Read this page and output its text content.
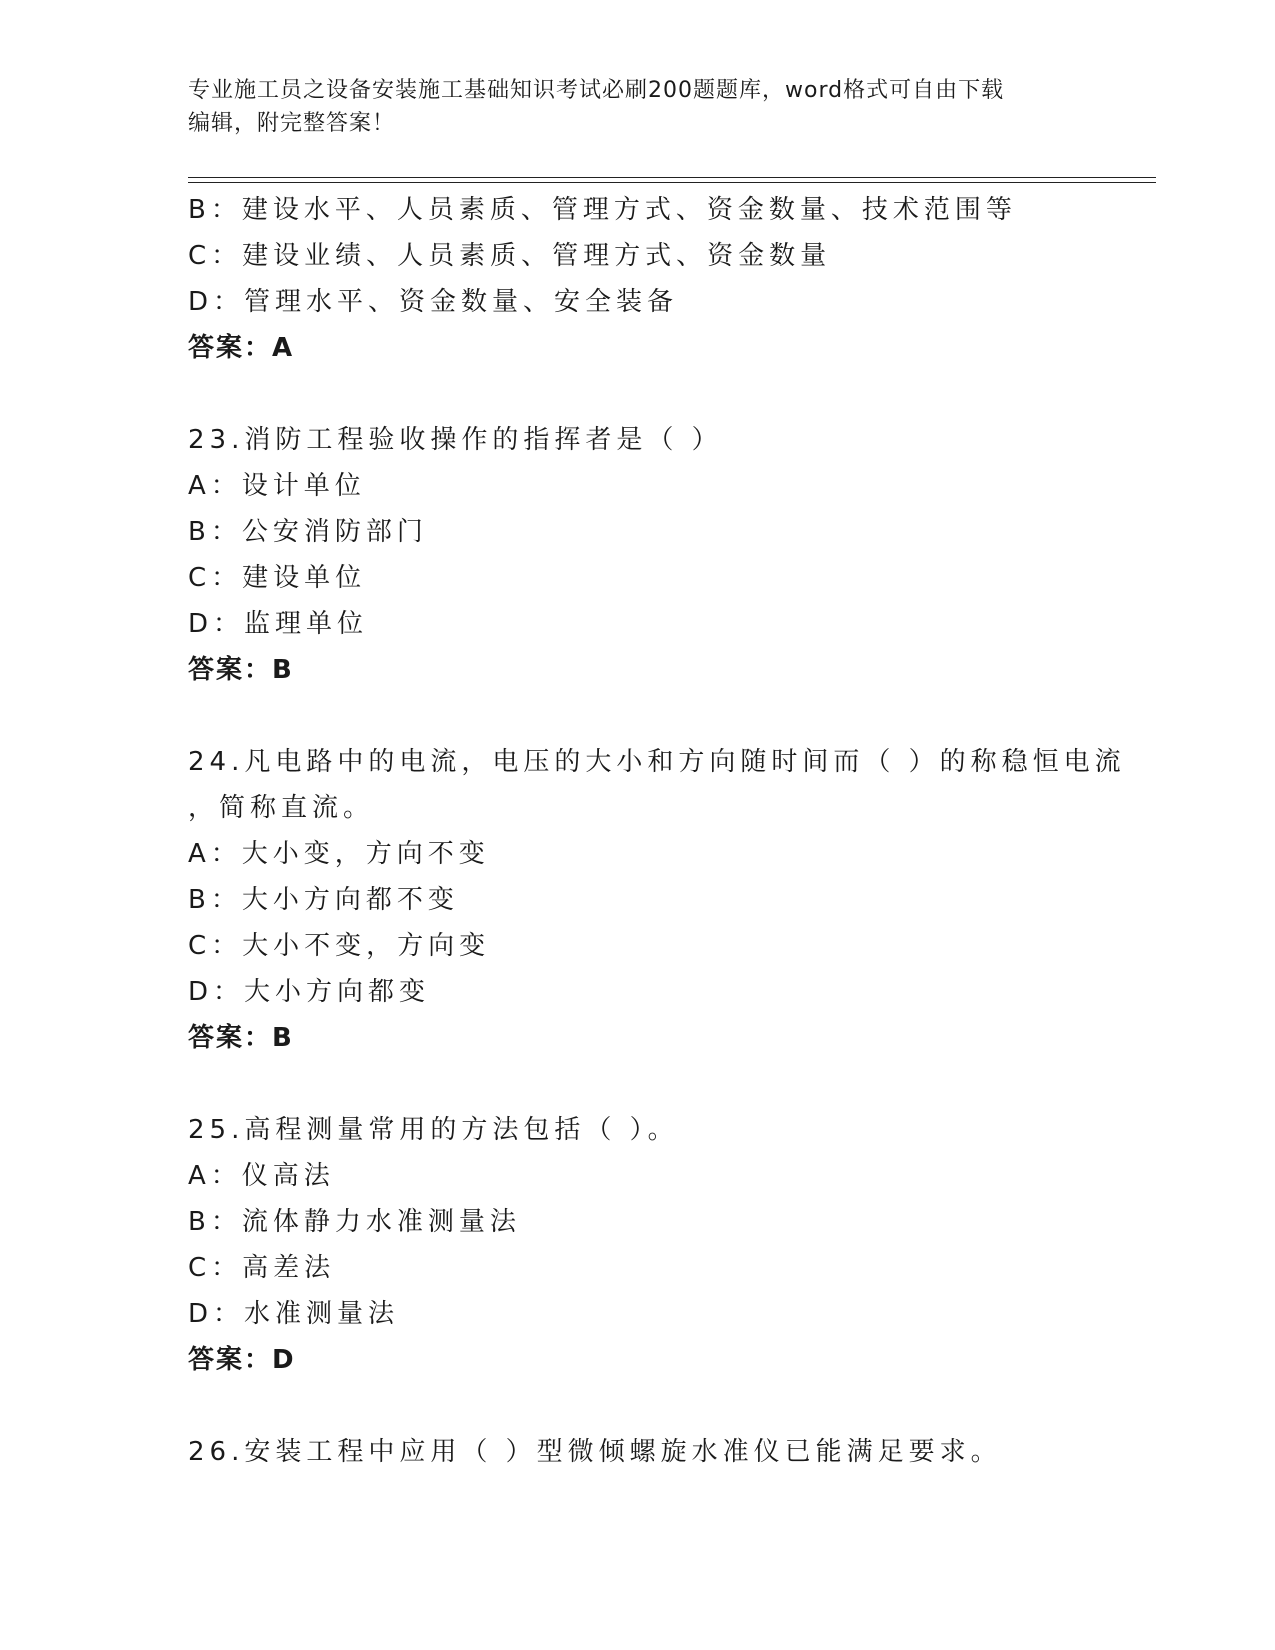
专业施工员之设备安装施工基础知识考试必刷200题题库，word格式可自由下载
编辑，附完整答案！
B：建设水平、人员素质、管理方式、资金数量、技术范围等
C：建设业绩、人员素质、管理方式、资金数量
D：管理水平、资金数量、安全装备
答案：A
23.消防工程验收操作的指挥者是（ ）
A：设计单位
B：公安消防部门
C：建设单位
D：监理单位
答案：B
24.凡电路中的电流，电压的大小和方向随时间而（ ）的称稳恒电流
，简称直流。
A：大小变，方向不变
B：大小方向都不变
C：大小不变，方向变
D：大小方向都变
答案：B
25.高程测量常用的方法包括（ ）。
A：仪高法
B：流体静力水准测量法
C：高差法
D：水准测量法
答案：D
26.安装工程中应用（ ）型微倾螺旋水准仪已能满足要求。
